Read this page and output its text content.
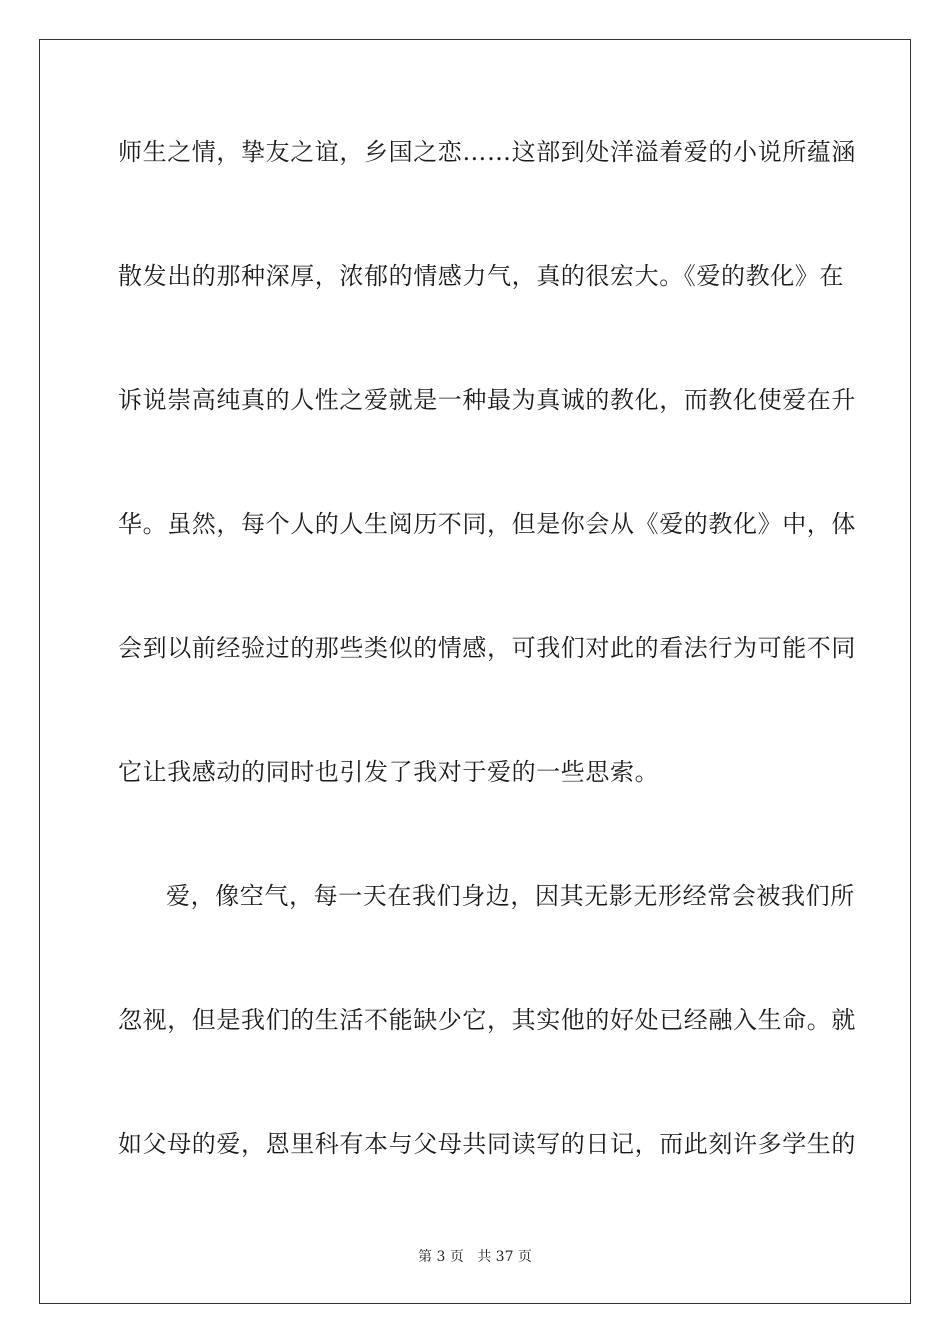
师生之情，挚友之谊，乡国之恋……这部到处洋溢着爱的小说所蕴涵
散发出的那种深厚，浓郁的情感力气，真的很宏大。《爱的教化》在
诉说崇高纯真的人性之爱就是一种最为真诚的教化，而教化使爱在升
华。虽然，每个人的人生阅历不同，但是你会从《爱的教化》中，体
会到以前经验过的那些类似的情感，可我们对此的看法行为可能不同
它让我感动的同时也引发了我对于爱的一些思索。
爱，像空气，每一天在我们身边，因其无影无形经常会被我们所
忽视，但是我们的生活不能缺少它，其实他的好处已经融入生命。就
如父母的爱，恩里科有本与父母共同读写的日记，而此刻许多学生的
第 3 页 共 37 页
